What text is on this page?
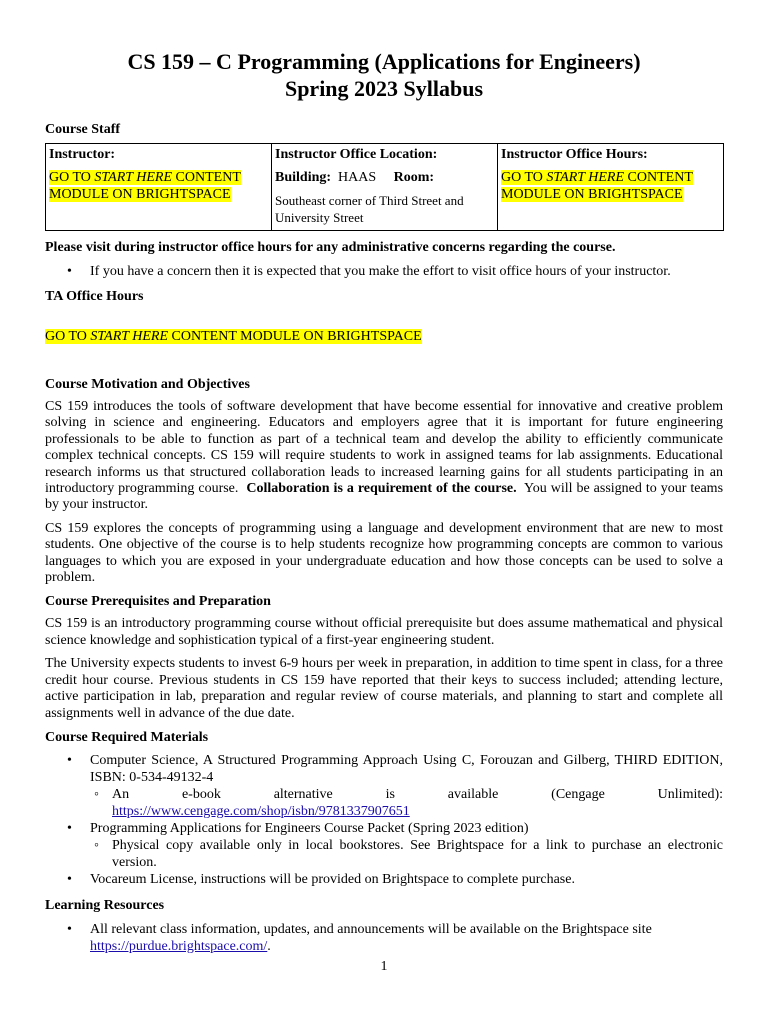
CS 159 – C Programming (Applications for Engineers)
Spring 2023 Syllabus
Course Staff
Instructor:
GO TO START HERE CONTENT MODULE ON BRIGHTSPACE

Instructor Office Location:
Building: HAAS Room:
Southeast corner of Third Street and University Street

Instructor Office Hours:
GO TO START HERE CONTENT MODULE ON BRIGHTSPACE
Please visit during instructor office hours for any administrative concerns regarding the course.
• If you have a concern then it is expected that you make the effort to visit office hours of your instructor.
TA Office Hours
GO TO START HERE CONTENT MODULE ON BRIGHTSPACE
Course Motivation and Objectives

CS 159 introduces the tools of software development that have become essential for innovative and creative problem solving in science and engineering. Educators and employers agree that it is important for future engineering professionals to be able to function as part of a technical team and develop the ability to efficiently communicate complex technical concepts. CS 159 will require students to work in assigned teams for lab assignments. Educational research informs us that structured collaboration leads to increased learning gains for all students participating in an introductory programming course. Collaboration is a requirement of the course. You will be assigned to your teams by your instructor.

CS 159 explores the concepts of programming using a language and development environment that are new to most students. One objective of the course is to help students recognize how programming concepts are common to various languages to which you are exposed in your undergraduate education and how those concepts can be used to solve a problem.

Course Prerequisites and Preparation

CS 159 is an introductory programming course without official prerequisite but does assume mathematical and physical science knowledge and sophistication typical of a first-year engineering student.

The University expects students to invest 6-9 hours per week in preparation, in addition to time spent in class, for a three credit hour course. Previous students in CS 159 have reported that their keys to success included; attending lecture, active participation in lab, preparation and regular review of course materials, and planning to start and complete all assignments well in advance of the due date.

Course Required Materials
• Computer Science, A Structured Programming Approach Using C, Forouzan and Gilberg, THIRD EDITION, ISBN: 0-534-49132-4
◦ An e-book alternative is available (Cengage Unlimited): https://www.cengage.com/shop/isbn/9781337907651
• Programming Applications for Engineers Course Packet (Spring 2023 edition)
◦ Physical copy available only in local bookstores. See Brightspace for a link to purchase an electronic version.
• Vocareum License, instructions will be provided on Brightspace to complete purchase.
Learning Resources
• All relevant class information, updates, and announcements will be available on the Brightspace site
https://purdue.brightspace.com/.
1
